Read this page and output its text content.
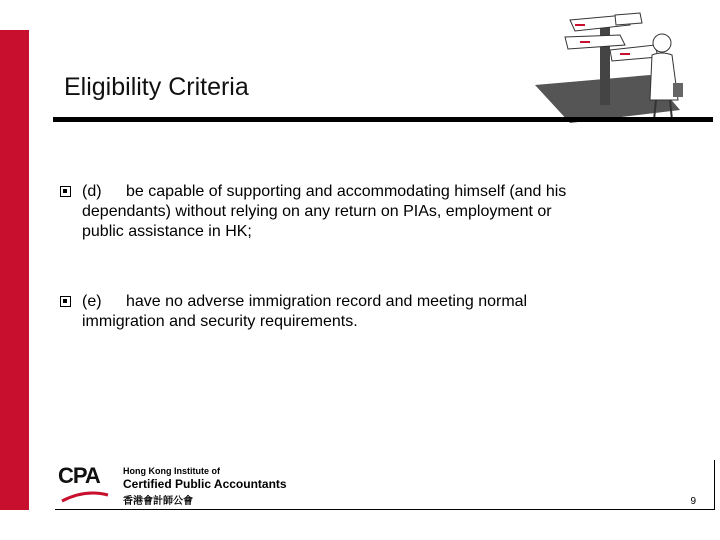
Eligibility Criteria
(d) be capable of supporting and accommodating himself (and his
dependants) without relying on any return on PIAs, employment or
public assistance in HK;
(e) have no adverse immigration record and meeting normal
immigration and security requirements.
CPA	Hong Kong Institute of
Certified Public Accountants
香港會計師公會	9
